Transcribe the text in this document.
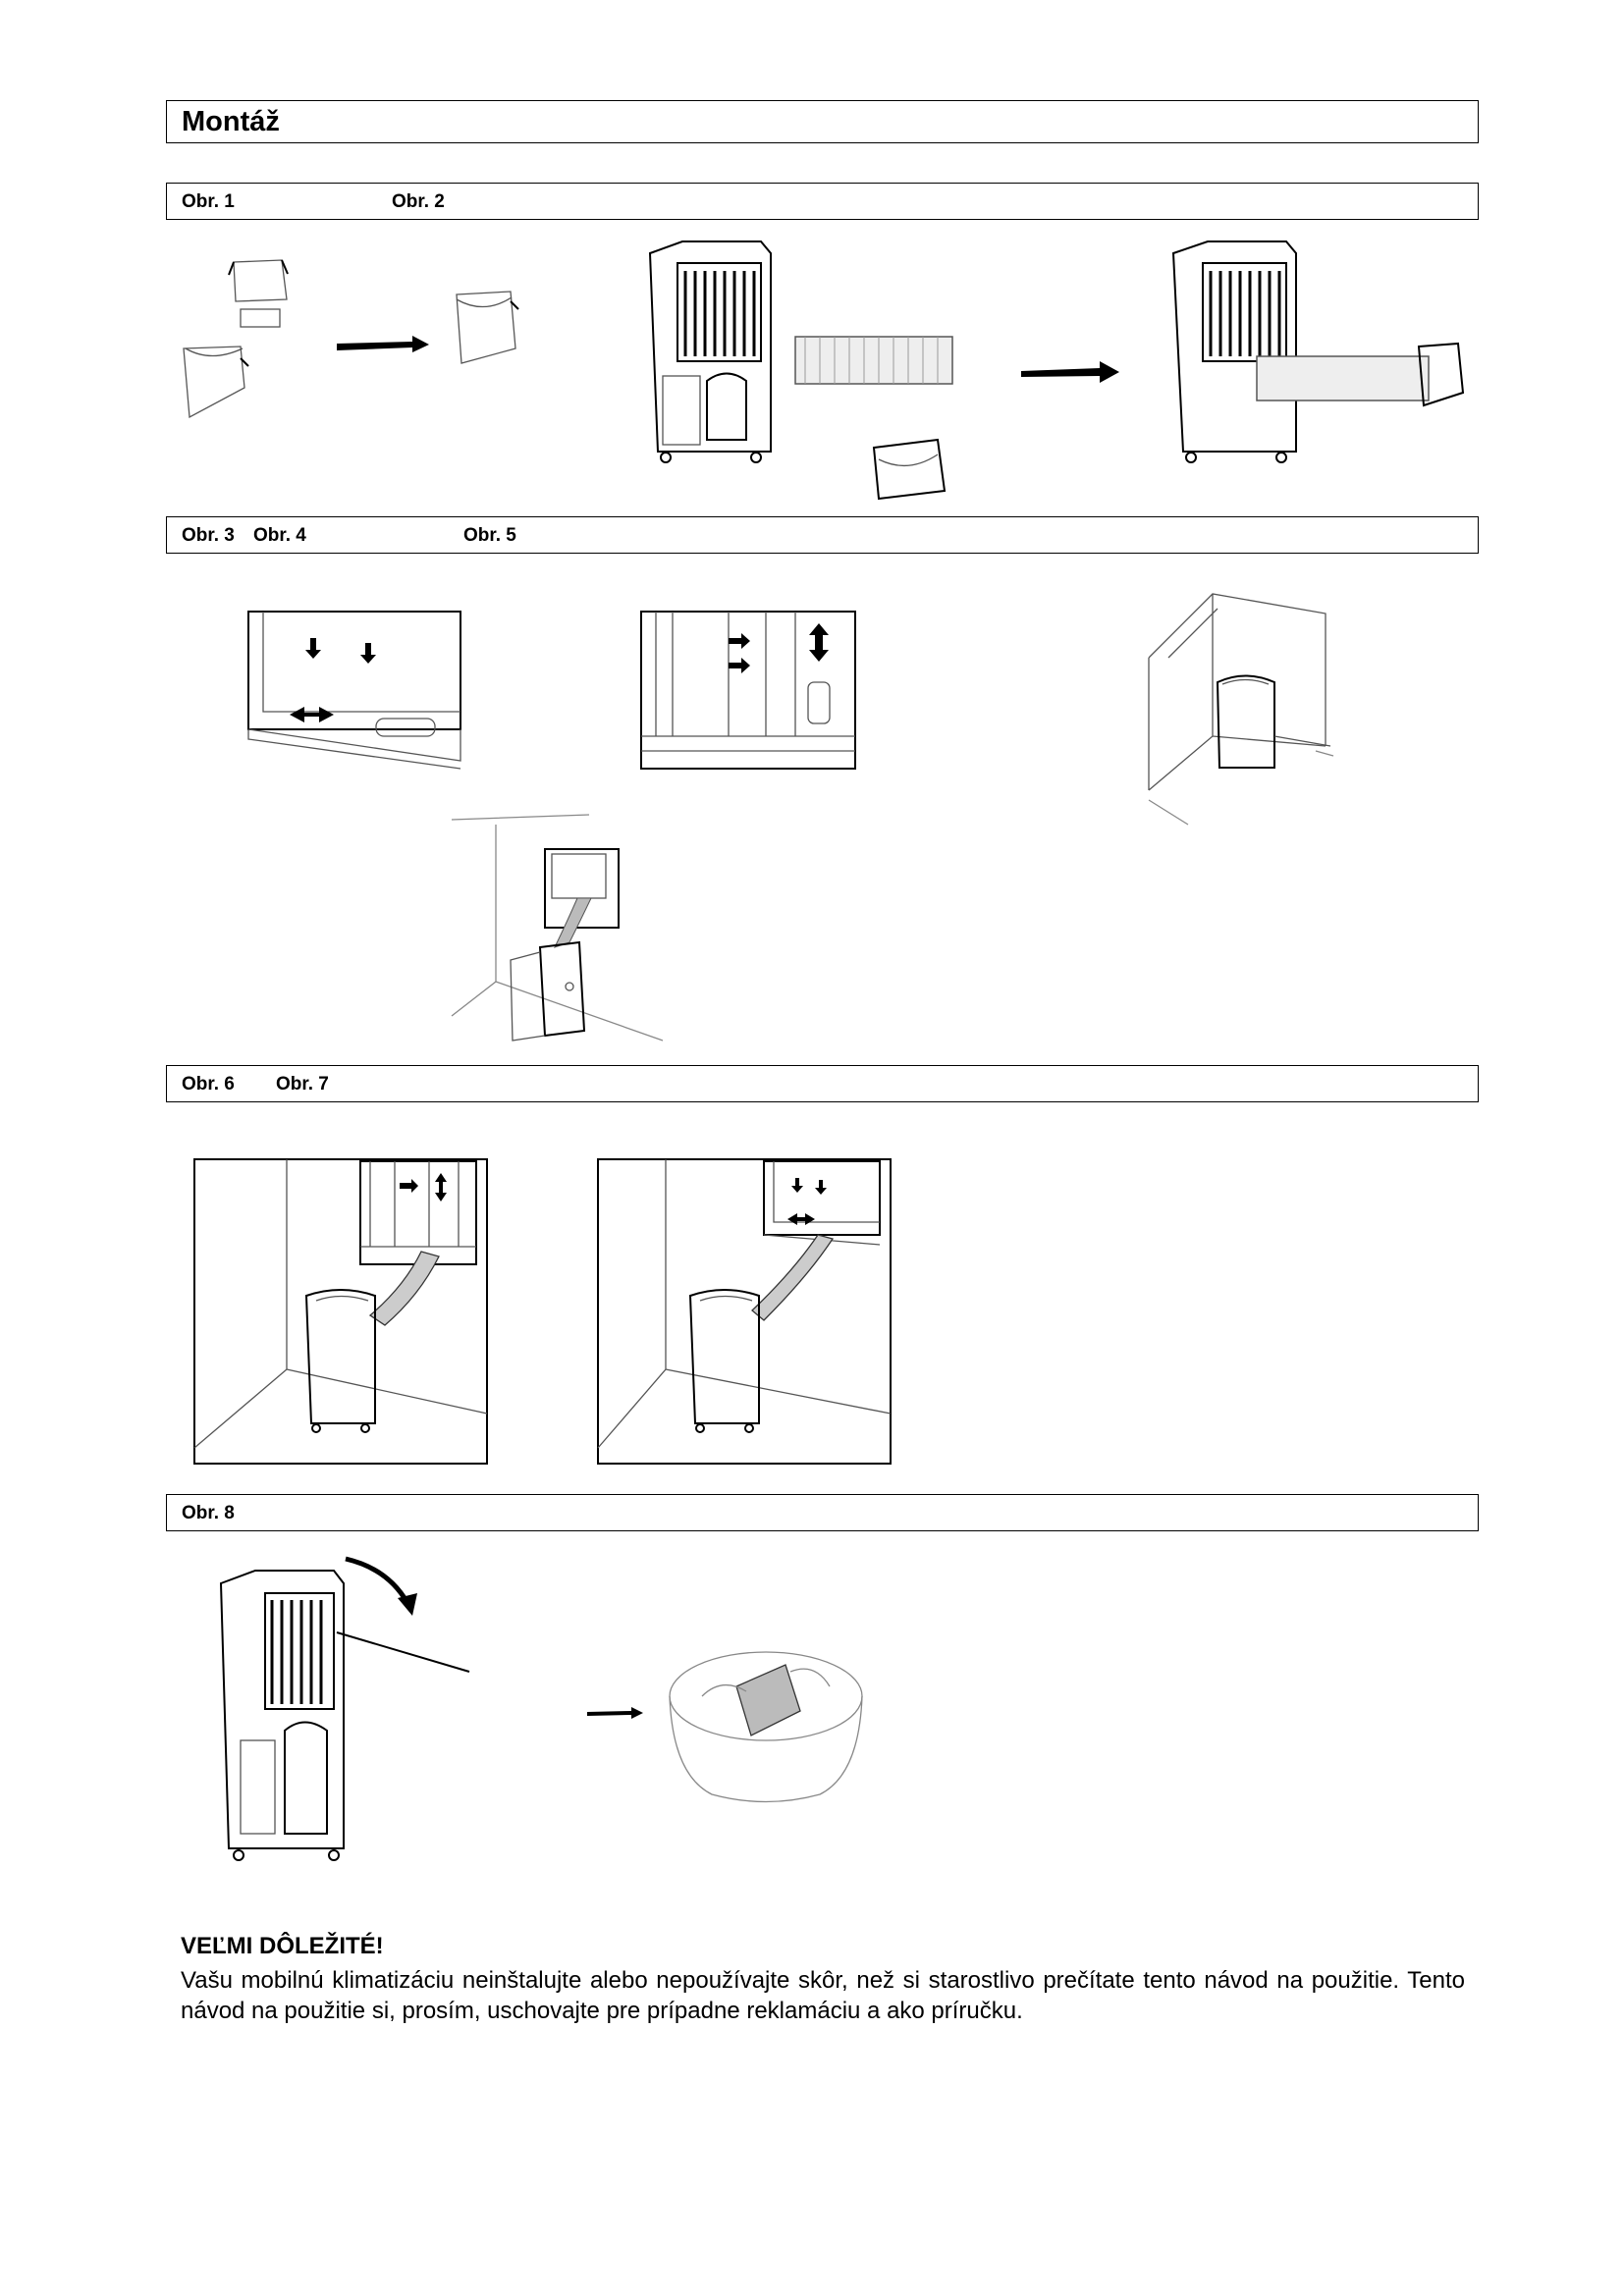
Montáž
Obr. 1	Obr. 2
Obr. 3 Obr. 4	Obr. 5
Obr. 6 Obr. 7
Obr. 8
VEĽMI DÔLEŽITÉ!
Vašu mobilnú klimatizáciu neinštalujte alebo nepoužívajte skôr, než si starostlivo prečítate tento návod na použitie. Tento návod na použitie si, prosím, uschovajte pre prípadne reklamáciu a ako príručku.
